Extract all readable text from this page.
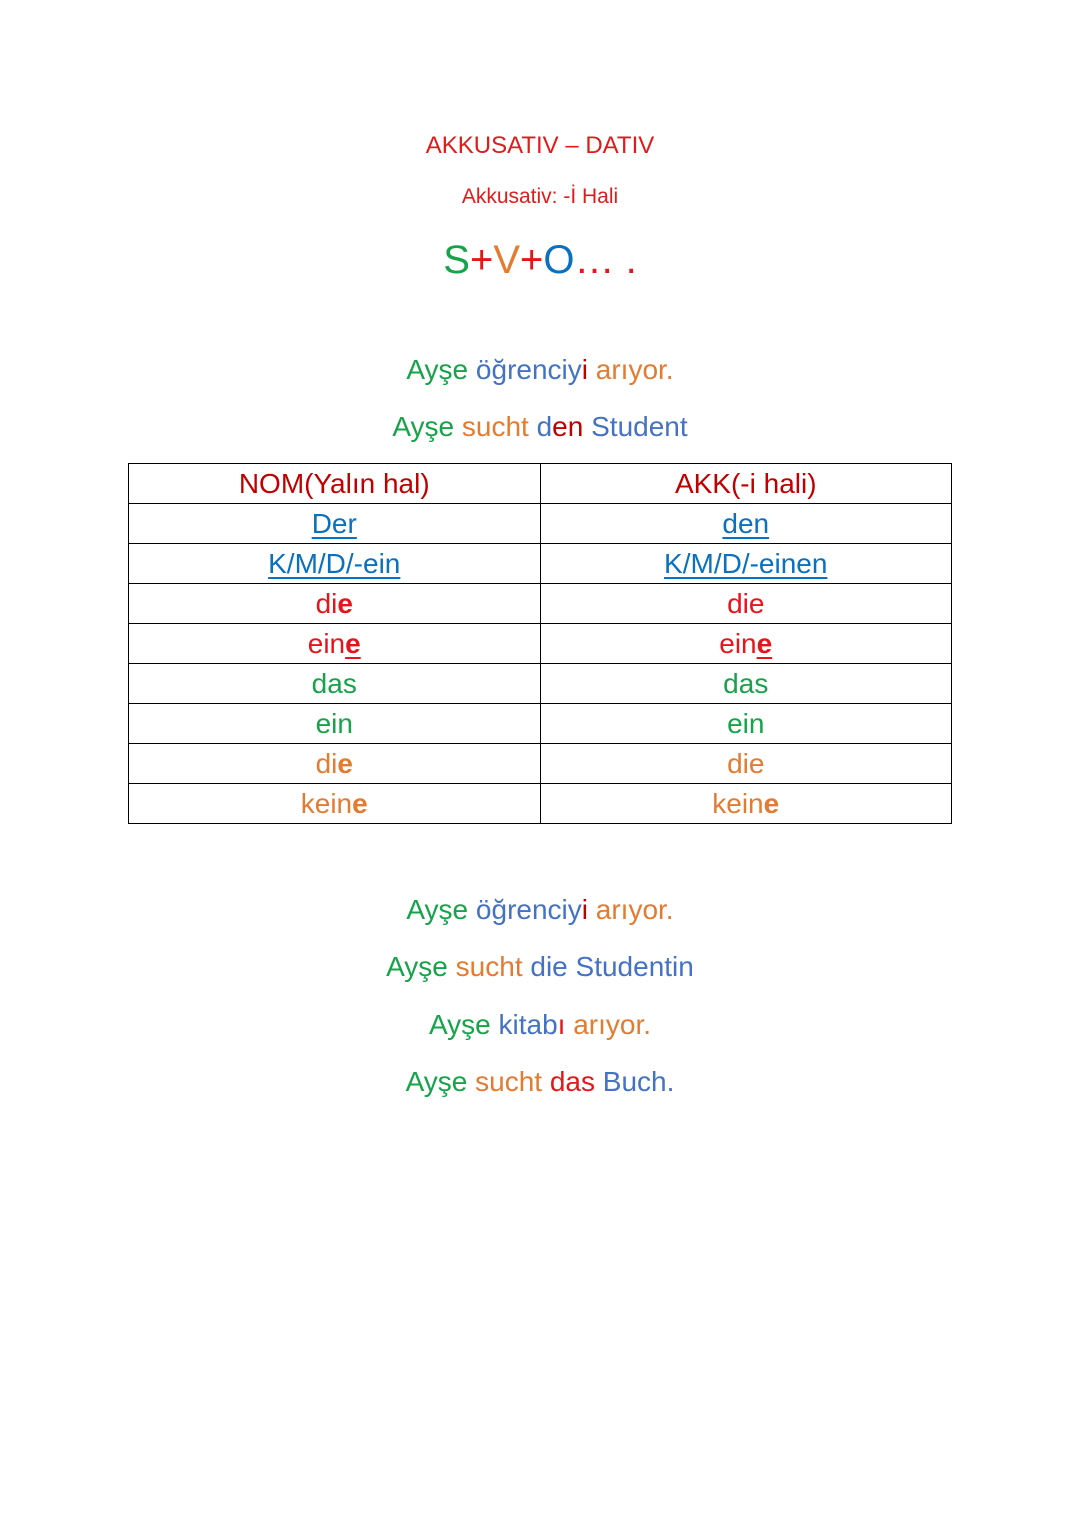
AKKUSATIV – DATIV
Akkusativ: -İ Hali
S+V+O… .
Ayşe öğrenciyi arıyor.
Ayşe sucht den Student
NOM(Yalın hal)	AKK(-i hali)
Der	den
K/M/D/-ein	K/M/D/-einen
die	die
eine	eine
das	das
ein	ein
die	die
keine	keine
Ayşe öğrenciyi arıyor.
Ayşe sucht die Studentin
Ayşe kitabı arıyor.
Ayşe sucht das Buch.
